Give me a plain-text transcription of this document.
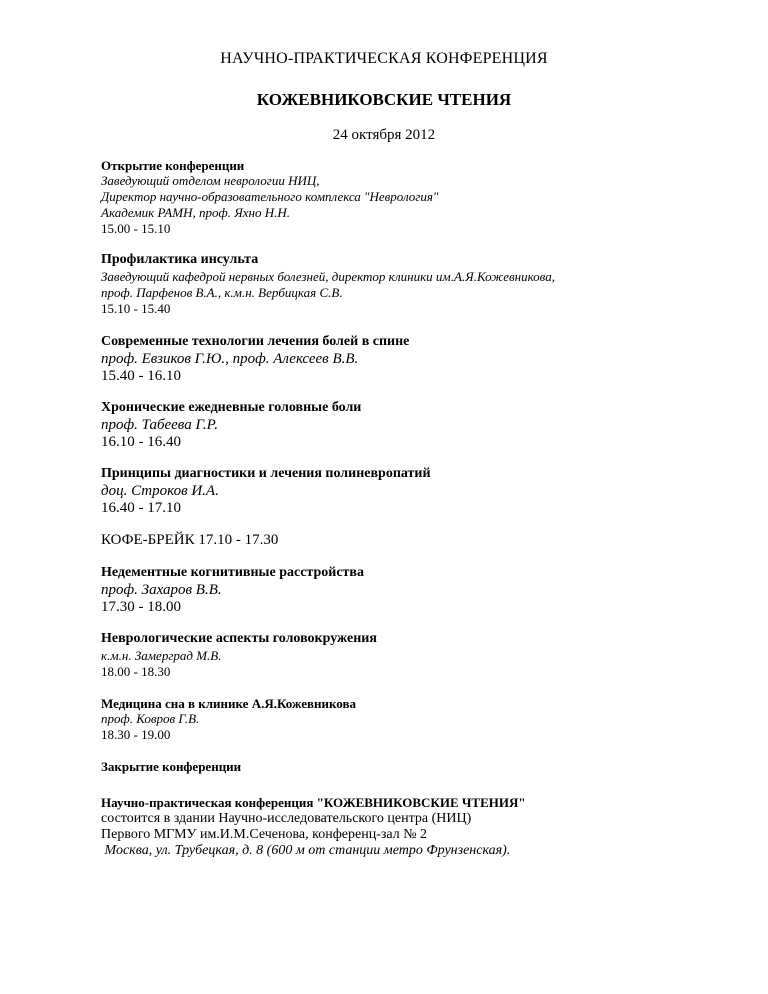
НАУЧНО-ПРАКТИЧЕСКАЯ КОНФЕРЕНЦИЯ
КОЖЕВНИКОВСКИЕ ЧТЕНИЯ
24 октября 2012
Открытие конференции
Заведующий отделом неврологии НИЦ,
Директор научно-образовательного комплекса "Неврология"
Академик РАМН, проф. Яхно Н.Н.
15.00 - 15.10
Профилактика инсульта
Заведующий кафедрой нервных болезней, директор клиники им.А.Я.Кожевникова,
проф. Парфенов В.А., к.м.н. Вербицкая С.В.
15.10 - 15.40
Современные технологии лечения болей в спине
проф. Евзиков Г.Ю., проф. Алексеев В.В.
15.40 - 16.10
Хронические ежедневные головные боли
проф. Табеева Г.Р.
16.10 - 16.40
Принципы диагностики и лечения полиневропатий
доц. Строков И.А.
16.40 - 17.10
КОФЕ-БРЕЙК 17.10 - 17.30
Недементные когнитивные расстройства
проф. Захаров В.В.
17.30 - 18.00
Неврологические аспекты головокружения
к.м.н. Замерград М.В.
18.00 - 18.30
Медицина сна в клинике А.Я.Кожевникова
проф. Ковров Г.В.
18.30 - 19.00
Закрытие конференции
Научно-практическая конференция "КОЖЕВНИКОВСКИЕ ЧТЕНИЯ"
состоится в здании Научно-исследовательского центра (НИЦ)
Первого МГМУ им.И.М.Сеченова, конференц-зал № 2
Москва, ул. Трубецкая, д. 8 (600 м от станции метро Фрунзенская).
